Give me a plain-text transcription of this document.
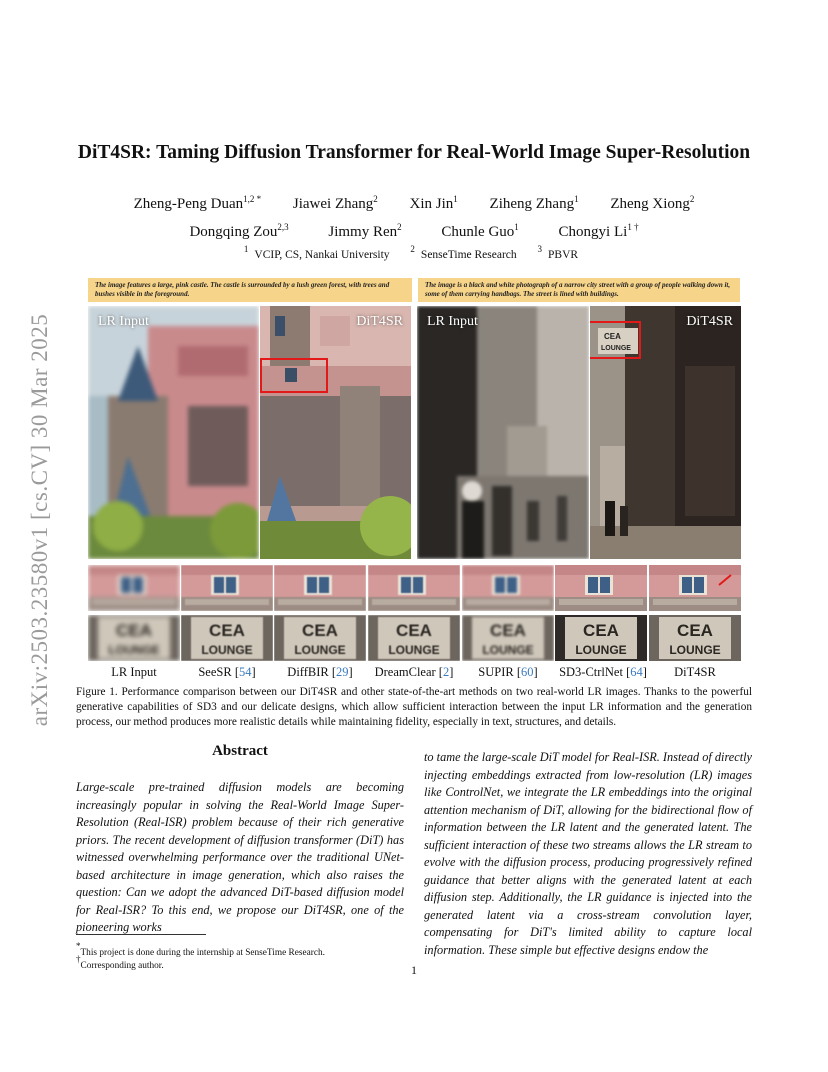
arXiv:2503.23580v1 [cs.CV] 30 Mar 2025
DiT4SR: Taming Diffusion Transformer for Real-World Image Super-Resolution
Zheng-Peng Duan$^{1,2 *}$ Jiawei Zhang$^2$ Xin Jin$^1$ Ziheng Zhang$^1$ Zheng Xiong$^2$
Dongqing Zou$^{2,3}$	Jimmy Ren$^2$	Chunle Guo$^1$	Chongyi $Li^{1 \dagger}$
$^1$ VCIP, CS, Nankai University $^2$ SenseTime Research $^3$ PBVR
The image features a large, pink castle. The castle is surrounded by a lush green forest, with trees and bushes visible in the foreground.
The image is a black and white photograph of a narrow city street with a group of people walking down it, some of them carrying handbags. The street is lined with buildings.
LR Input	DiT4SR LR Input
CEA
LOUNGE
DiT4SR
CEA
LOUNGE
CEA
LOUNGE
CEA
LOUNGE
CEA
LOUNGE
CEA
LOUNGE
CEA
LOUNGE
CEA
LOUNGE
LR Input	SeeSR [54]	DiffBIR [29]	DreamClear [2]	SUPIR [60]	SD3-CtrlNet [64]	DiT4SR
Figure 1. Performance comparison between our DiT4SR and other state-of-the-art methods on two real-world LR images. Thanks to the powerful generative capabilities of SD3 and our delicate designs, which allow sufficient interaction between the input LR information and the generation process, our method produces more realistic details while maintaining fidelity, especially in text, structures, and details.
Abstract
Large-scale pre-trained diffusion models are becoming increasingly popular in solving the Real-World Image Super-Resolution (Real-ISR) problem because of their rich generative priors. The recent development of diffusion transformer (DiT) has witnessed overwhelming performance over the traditional UNet-based architecture in image generation, which also raises the question: Can we adopt the advanced DiT-based diffusion model for Real-ISR? To this end, we propose our DiT4SR, one of the pioneering works
to tame the large-scale DiT model for Real-ISR. Instead of directly injecting embeddings extracted from low-resolution (LR) images like ControlNet, we integrate the LR embeddings into the original attention mechanism of DiT, allowing for the bidirectional flow of information between the LR latent and the generated latent. The sufficient interaction of these two streams allows the LR stream to evolve with the diffusion process, producing progressively refined guidance that better aligns with the generated latent at each diffusion step. Additionally, the LR guidance is injected into the generated latent via a cross-stream convolution layer, compensating for DiT's limited ability to capture local information. These simple but effective designs endow the
*This project is done during the internship at SenseTime Research.
†Corresponding author.	1
